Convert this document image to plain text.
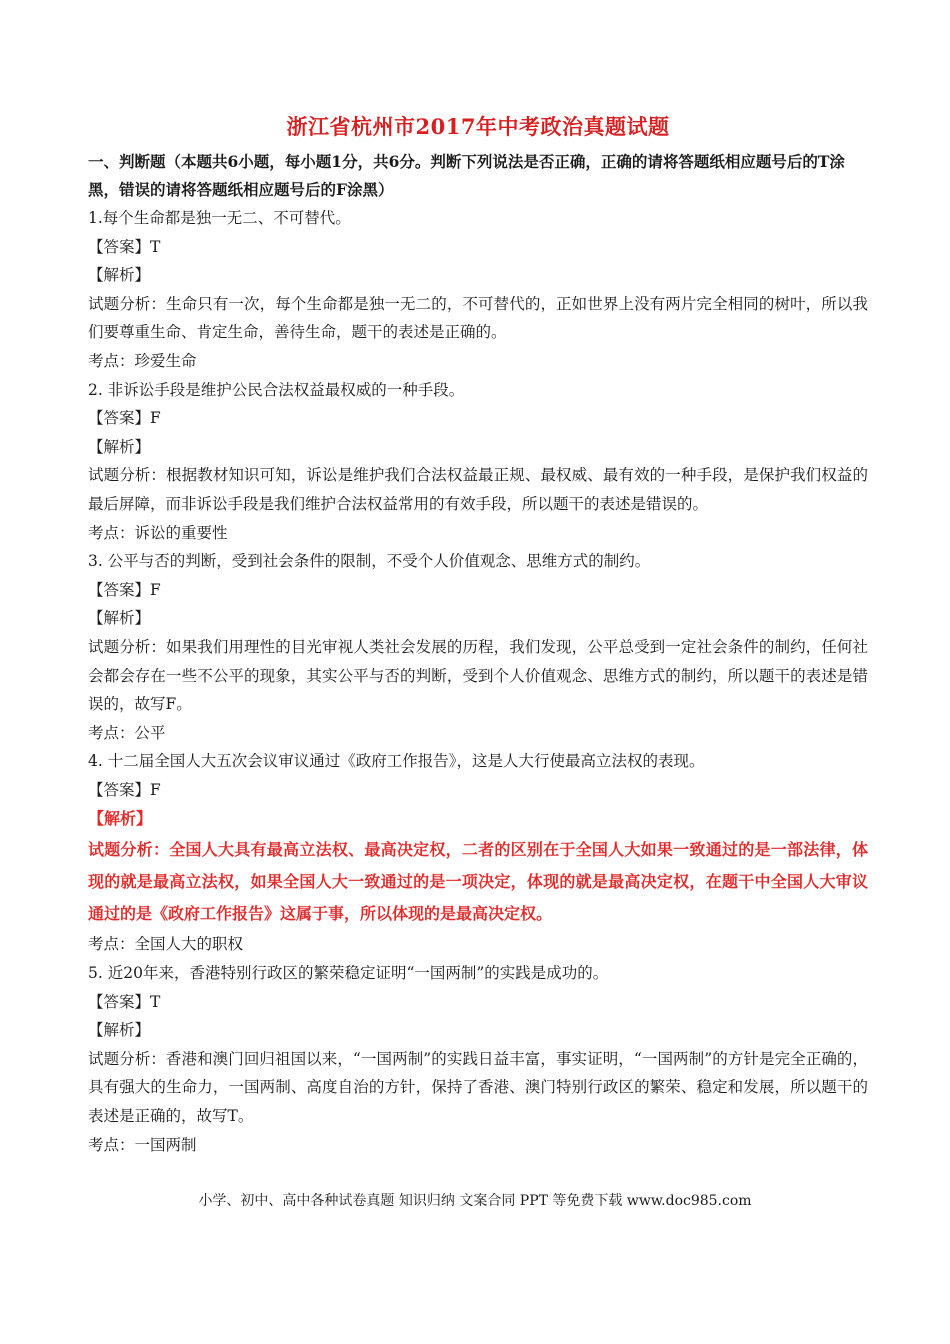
浙江省杭州市2017年中考政治真题试题
一、判断题（本题共6小题，每小题1分，共6分。判断下列说法是否正确，正确的请将答题纸相应题号后的T涂黑，错误的请将答题纸相应题号后的F涂黑）
1.每个生命都是独一无二、不可替代。
【答案】T
【解析】
试题分析：生命只有一次，每个生命都是独一无二的，不可替代的，正如世界上没有两片完全相同的树叶，所以我们要尊重生命、肯定生命，善待生命，题干的表述是正确的。
考点：珍爱生命
2. 非诉讼手段是维护公民合法权益最权威的一种手段。
【答案】F
【解析】
试题分析：根据教材知识可知，诉讼是维护我们合法权益最正规、最权威、最有效的一种手段，是保护我们权益的最后屏障，而非诉讼手段是我们维护合法权益常用的有效手段，所以题干的表述是错误的。
考点：诉讼的重要性
3. 公平与否的判断，受到社会条件的限制，不受个人价值观念、思维方式的制约。
【答案】F
【解析】
试题分析：如果我们用理性的目光审视人类社会发展的历程，我们发现，公平总受到一定社会条件的制约，任何社会都会存在一些不公平的现象，其实公平与否的判断，受到个人价值观念、思维方式的制约，所以题干的表述是错误的，故写F。
考点：公平
4. 十二届全国人大五次会议审议通过《政府工作报告》，这是人大行使最高立法权的表现。
【答案】F
【解析】
试题分析：全国人大具有最高立法权、最高决定权，二者的区别在于全国人大如果一致通过的是一部法律，体现的就是最高立法权，如果全国人大一致通过的是一项决定，体现的就是最高决定权，在题干中全国人大审议通过的是《政府工作报告》这属于事，所以体现的是最高决定权。
考点：全国人大的职权
5. 近20年来，香港特别行政区的繁荣稳定证明“一国两制”的实践是成功的。
【答案】T
【解析】
试题分析：香港和澳门回归祖国以来，“一国两制”的实践日益丰富，事实证明，“一国两制”的方针是完全正确的，具有强大的生命力，一国两制、高度自治的方针，保持了香港、澳门特别行政区的繁荣、稳定和发展，所以题干的表述是正确的，故写T。
考点：一国两制
小学、初中、高中各种试卷真题 知识归纳 文案合同 PPT 等免费下载 www.doc985.com
